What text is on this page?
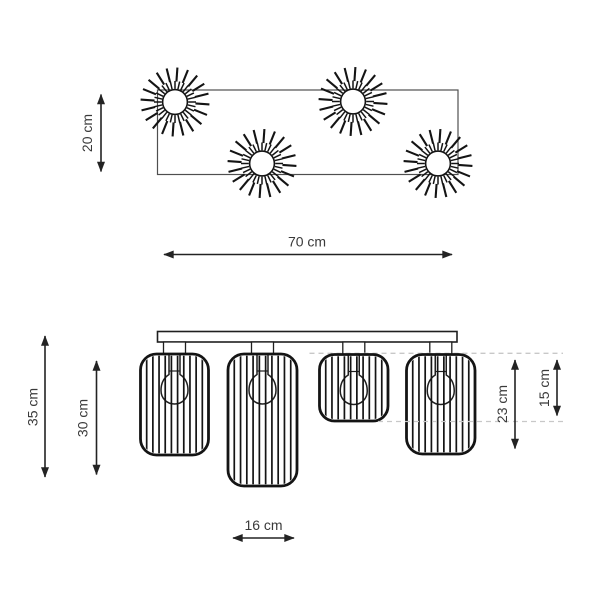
20 cm
70 cm
35 cm 30 cm	23 cm 15 cm
16 cm
